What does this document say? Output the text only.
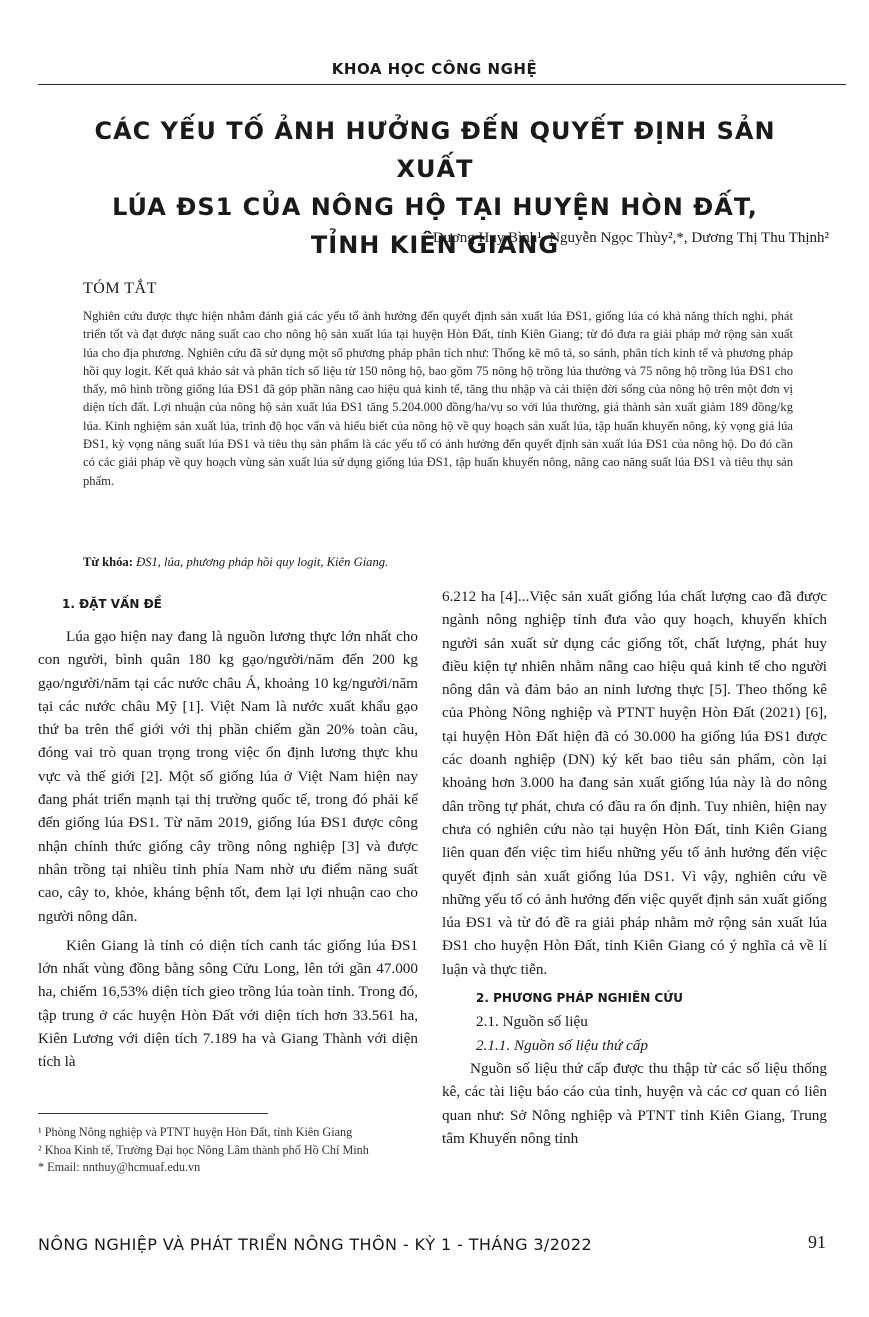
KHOA HỌC CÔNG NGHỆ
CÁC YẾU TỐ ẢNH HƯỞNG ĐẾN QUYẾT ĐỊNH SẢN XUẤT
LÚA ĐS1 CỦA NÔNG HỘ TẠI HUYỆN HÒN ĐẤT,
TỈNH KIÊN GIANG
Dương Huy Bình¹, Nguyễn Ngọc Thùy²,*, Dương Thị Thu Thịnh²
TÓM TẮT
Nghiên cứu được thực hiện nhằm đánh giá các yếu tố ảnh hưởng đến quyết định sản xuất lúa ĐS1, giống lúa có khả năng thích nghi, phát triển tốt và đạt được năng suất cao cho nông hộ sản xuất lúa tại huyện Hòn Đất, tỉnh Kiên Giang; từ đó đưa ra giải pháp mở rộng sản xuất lúa cho địa phương. Nghiên cứu đã sử dụng một số phương pháp phân tích như: Thống kê mô tả, so sánh, phân tích kinh tế và phương pháp hồi quy logit. Kết quả khảo sát và phân tích số liệu từ 150 nông hộ, bao gồm 75 nông hộ trồng lúa thường và 75 nông hộ trồng lúa ĐS1 cho thấy, mô hình trồng giống lúa ĐS1 đã góp phần nâng cao hiệu quả kinh tế, tăng thu nhập và cải thiện đời sống của nông hộ trên một đơn vị diện tích đất. Lợi nhuận của nông hộ sản xuất lúa ĐS1 tăng 5.204.000 đồng/ha/vụ so với lúa thường, giá thành sản xuất giảm 189 đồng/kg lúa. Kinh nghiệm sản xuất lúa, trình độ học vấn và hiểu biết của nông hộ về quy hoạch sản xuất lúa, tập huấn khuyến nông, kỳ vọng giá lúa ĐS1, kỳ vọng năng suất lúa ĐS1 và tiêu thụ sản phẩm là các yếu tố có ảnh hưởng đến quyết định sản xuất lúa ĐS1 của nông hộ. Do đó cần có các giải pháp về quy hoạch vùng sản xuất lúa sử dụng giống lúa ĐS1, tập huấn khuyến nông, nâng cao năng suất lúa ĐS1 và tiêu thụ sản phẩm.
Từ khóa: ĐS1, lúa, phương pháp hồi quy logit, Kiên Giang.
1. ĐẶT VẤN ĐỀ

Lúa gạo hiện nay đang là nguồn lương thực lớn nhất cho con người, bình quân 180 kg gạo/người/năm đến 200 kg gạo/người/năm tại các nước châu Á, khoảng 10 kg/người/năm tại các nước châu Mỹ [1]. Việt Nam là nước xuất khẩu gạo thứ ba trên thế giới với thị phần chiếm gần 20% toàn cầu, đóng vai trò quan trọng trong việc ổn định lương thực khu vực và thế giới [2]. Một số giống lúa ở Việt Nam hiện nay đang phát triển mạnh tại thị trường quốc tế, trong đó phải kể đến giống lúa ĐS1. Từ năm 2019, giống lúa ĐS1 được công nhận chính thức giống cây trồng nông nghiệp [3] và được nhân trồng tại nhiều tỉnh phía Nam nhờ ưu điểm năng suất cao, cây to, khỏe, kháng bệnh tốt, đem lại lợi nhuận cao cho người nông dân.

Kiên Giang là tỉnh có diện tích canh tác giống lúa ĐS1 lớn nhất vùng đồng bằng sông Cửu Long, lên tới gần 47.000 ha, chiếm 16,53% diện tích gieo trồng lúa toàn tỉnh. Trong đó, tập trung ở các huyện Hòn Đất với diện tích hơn 33.561 ha, Kiên Lương với diện tích 7.189 ha và Giang Thành với diện tích là

6.212 ha [4]...Việc sản xuất giống lúa chất lượng cao đã được ngành nông nghiệp tỉnh đưa vào quy hoạch, khuyến khích người sản xuất sử dụng các giống tốt, chất lượng, phát huy điều kiện tự nhiên nhằm nâng cao hiệu quả kinh tế cho người nông dân và đảm bảo an ninh lương thực [5]. Theo thống kê của Phòng Nông nghiệp và PTNT huyện Hòn Đất (2021) [6], tại huyện Hòn Đất hiện đã có 30.000 ha giống lúa ĐS1 được các doanh nghiệp (DN) ký kết bao tiêu sản phẩm, còn lại khoảng hơn 3.000 ha đang sản xuất giống lúa này là do nông dân trồng tự phát, chưa có đầu ra ổn định. Tuy nhiên, hiện nay chưa có nghiên cứu nào tại huyện Hòn Đất, tỉnh Kiên Giang liên quan đến việc tìm hiểu những yếu tố ảnh hưởng đến việc quyết định sản xuất giống lúa DS1. Vì vậy, nghiên cứu về những yếu tố có ảnh hưởng đến việc quyết định sản xuất giống lúa ĐS1 và từ đó đề ra giải pháp nhằm mở rộng sản xuất lúa ĐS1 cho huyện Hòn Đất, tỉnh Kiên Giang có ý nghĩa cả về lí luận và thực tiễn.

2. PHƯƠNG PHÁP NGHIÊN CỨU

2.1. Nguồn số liệu

2.1.1. Nguồn số liệu thứ cấp

Nguồn số liệu thứ cấp được thu thập từ các số liệu thống kê, các tài liệu báo cáo của tỉnh, huyện và các cơ quan có liên quan như: Sở Nông nghiệp và PTNT tỉnh Kiên Giang, Trung tâm Khuyến nông tỉnh

¹ Phòng Nông nghiệp và PTNT huyện Hòn Đất, tỉnh Kiên Giang
² Khoa Kinh tế, Trường Đại học Nông Lâm thành phố Hồ Chí Minh
* Email: nnthuy@hcmuaf.edu.vn
NÔNG NGHIỆP VÀ PHÁT TRIỂN NÔNG THÔN - KỲ 1 - THÁNG 3/2022	91
